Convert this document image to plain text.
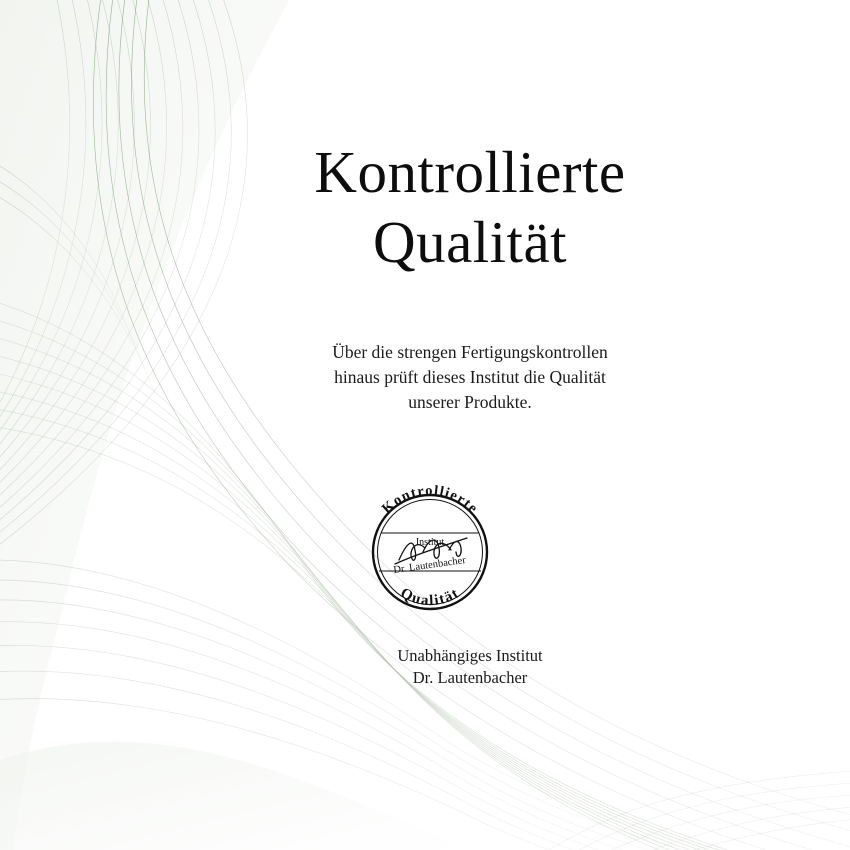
Kontrollierte
Qualität
Über die strengen Fertigungskontrollen
hinaus prüft dieses Institut die Qualität
unserer Produkte.
Kontrollierte
Qualität
Institut
Dr. Lautenbacher
Unabhängiges Institut
Dr. Lautenbacher
